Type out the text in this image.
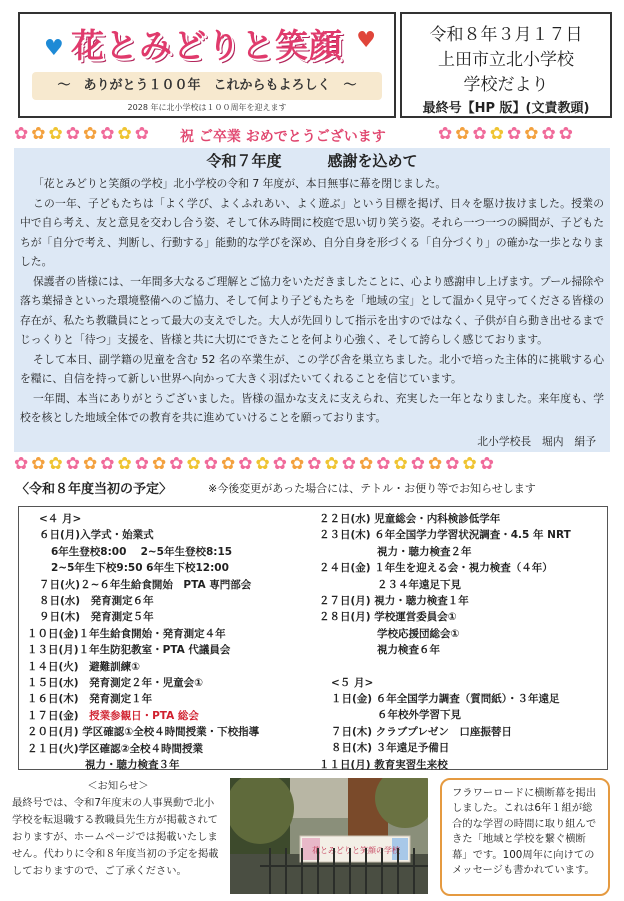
♥ 花とみどりと笑顔 ♥
～　ありがとう１００年　これからもよろしく　～
2028 年に北小学校は１００周年を迎えます
令和８年３月１７日
上田市立北小学校
学校だより
最終号【HP 版】(文責教頭)
✿ ✿ ✿ ✿ ✿ ✿ ✿ ✿	✿ ✿ ✿ ✿ ✿ ✿ ✿ ✿
祝 ご卒業 おめでとうございます
令和７年度	感謝を込めて

「花とみどりと笑顔の学校」北小学校の令和 7 年度が、本日無事に幕を閉じました。

この一年、子どもたちは「よく学び、よくふれあい、よく遊ぶ」という目標を掲げ、日々を駆け抜けました。授業の中で自ら考え、友と意見を交わし合う姿、そして休み時間に校庭で思い切り笑う姿。それら一つ一つの瞬間が、子どもたちが「自分で考え、判断し、行動する」能動的な学びを深め、自分自身を形づくる「自分づくり」の確かな一歩となりました。

保護者の皆様には、一年間多大なるご理解とご協力をいただきましたことに、心より感謝申し上げます。プール掃除や落ち葉掃きといった環境整備へのご協力、そして何より子どもたちを「地域の宝」として温かく見守ってくださる皆様の存在が、私たち教職員にとって最大の支えでした。大人が先回りして指示を出すのではなく、子供が自ら動き出せるまでじっくりと「待つ」支援を、皆様と共に大切にできたことを何より心強く、そして誇らしく感じております。

そして本日、副学籍の児童を含む 52 名の卒業生が、この学び舎を巣立ちました。北小で培った主体的に挑戦する心を糧に、自信を持って新しい世界へ向かって大きく羽ばたいてくれることを信じています。

一年間、本当にありがとうございました。皆様の温かな支えに支えられ、充実した一年となりました。来年度も、学校を核とした地域全体での教育を共に進めていけることを願っております。

北小学校長　堀内　絹予
✿ ✿ ✿ ✿ ✿ ✿ ✿ ✿ ✿ ✿ ✿ ✿ ✿ ✿ ✿ ✿ ✿ ✿ ✿ ✿ ✿ ✿ ✿ ✿ ✿ ✿ ✿ ✿
〈令和８年度当初の予定〉	※今後変更があった場合には、テトル・お便り等でお知らせします
<４ 月>
６日(月)入学式・始業式
6年生登校8:00　 2~5年生登校8:15
2~5年生下校9:50 6年生下校12:00
７日(火)２~６年生給食開始　PTA 専門部会
８日(水)　発育測定６年
９日(木)　発育測定５年
１０日(金)１年生給食開始・発育測定４年
１３日(月)１年生防犯教室・PTA 代議員会
１４日(火)　避難訓練①
１５日(水)　発育測定２年・児童会①
１６日(木)　発育測定１年
１７日(金)　授業参観日・PTA 総会
２０日(月) 学区確認①全校４時間授業・下校指導
２１日(火)学区確認②全校４時間授業
視力・聴力検査３年
２２日(水) 児童総会・内科検診低学年
２３日(木) ６年全国学力学習状況調査・4.5 年 NRT
視力・聴力検査２年
２４日(金) １年生を迎える会・視力検査（４年）
２３４年遠足下見
２７日(月) 視力・聴力検査１年
２８日(月) 学校運営委員会①
学校応援団総会①
視力検査６年
<５ 月>
１日(金) ６年全国学力調査（質問紙）・３年遠足
６年校外学習下見
７日(木) クラブプレゼン　口座振替日
８日(木) ３年遠足予備日
１１日(月) 教育実習生来校
＜お知らせ＞
最終号では、令和7年度末の人事異動で北小学校を転退職する教職員先生方が掲載されておりますが、ホームページでは掲載いたしません。代わりに令和８年度当初の予定を掲載しておりますので、ご了承ください。
花とみどりと笑顔の学校
フラワーロードに横断幕を掲出しました。これは6年１組が総合的な学習の時間に取り組んできた「地域と学校を繋ぐ横断幕」です。100周年に向けてのメッセージも書かれています。
